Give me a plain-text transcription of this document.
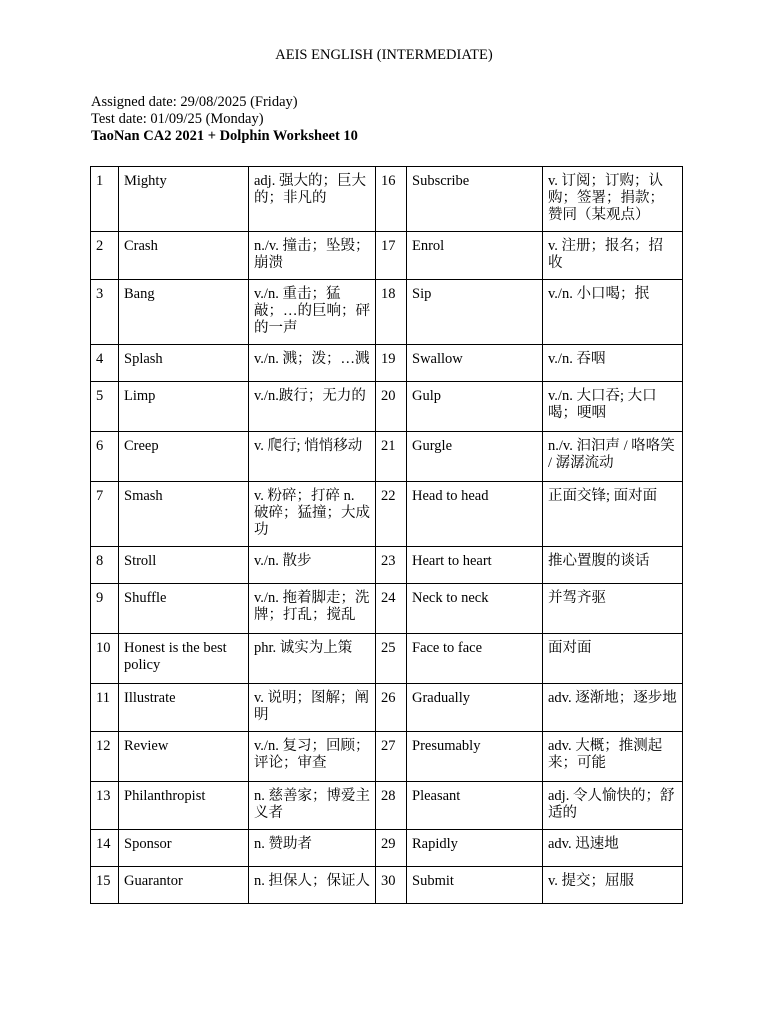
AEIS ENGLISH (INTERMEDIATE)
Assigned date: 29/08/2025 (Friday)
Test date: 01/09/25 (Monday)
TaoNan CA2 2021 + Dolphin Worksheet 10
1	Mighty	adj. 强大的；巨大的；非凡的	16	Subscribe	v. 订阅；订购；认购；签署；捐款；赞同（某观点）
2	Crash	n./v. 撞击；坠毁；崩溃	17	Enrol	v. 注册；报名；招收
3	Bang	v./n. 重击；猛敲；…的巨响；砰的一声	18	Sip	v./n. 小口喝；抿
4	Splash	v./n. 溅；泼；…溅	19	Swallow	v./n. 吞咽
5	Limp	v./n.跛行；无力的	20	Gulp	v./n. 大口吞; 大口喝；哽咽
6	Creep	v. 爬行; 悄悄移动	21	Gurgle	n./v. 汩汩声 / 咯咯笑 / 潺潺流动
7	Smash	v. 粉碎；打碎 n. 破碎；猛撞；大成功	22	Head to head	正面交锋; 面对面
8	Stroll	v./n. 散步	23	Heart to heart	推心置腹的谈话
9	Shuffle	v./n. 拖着脚走；洗牌；打乱；搅乱	24	Neck to neck	并驾齐驱
10	Honest is the best policy	phr. 诚实为上策	25	Face to face	面对面
11	Illustrate	v. 说明；图解；阐明	26	Gradually	adv. 逐渐地；逐步地
12	Review	v./n. 复习；回顾；评论；审查	27	Presumably	adv. 大概；推测起来；可能
13	Philanthropist	n. 慈善家；博爱主义者	28	Pleasant	adj. 令人愉快的；舒适的
14	Sponsor	n. 赞助者	29	Rapidly	adv. 迅速地
15	Guarantor	n. 担保人；保证人	30	Submit	v. 提交；屈服
